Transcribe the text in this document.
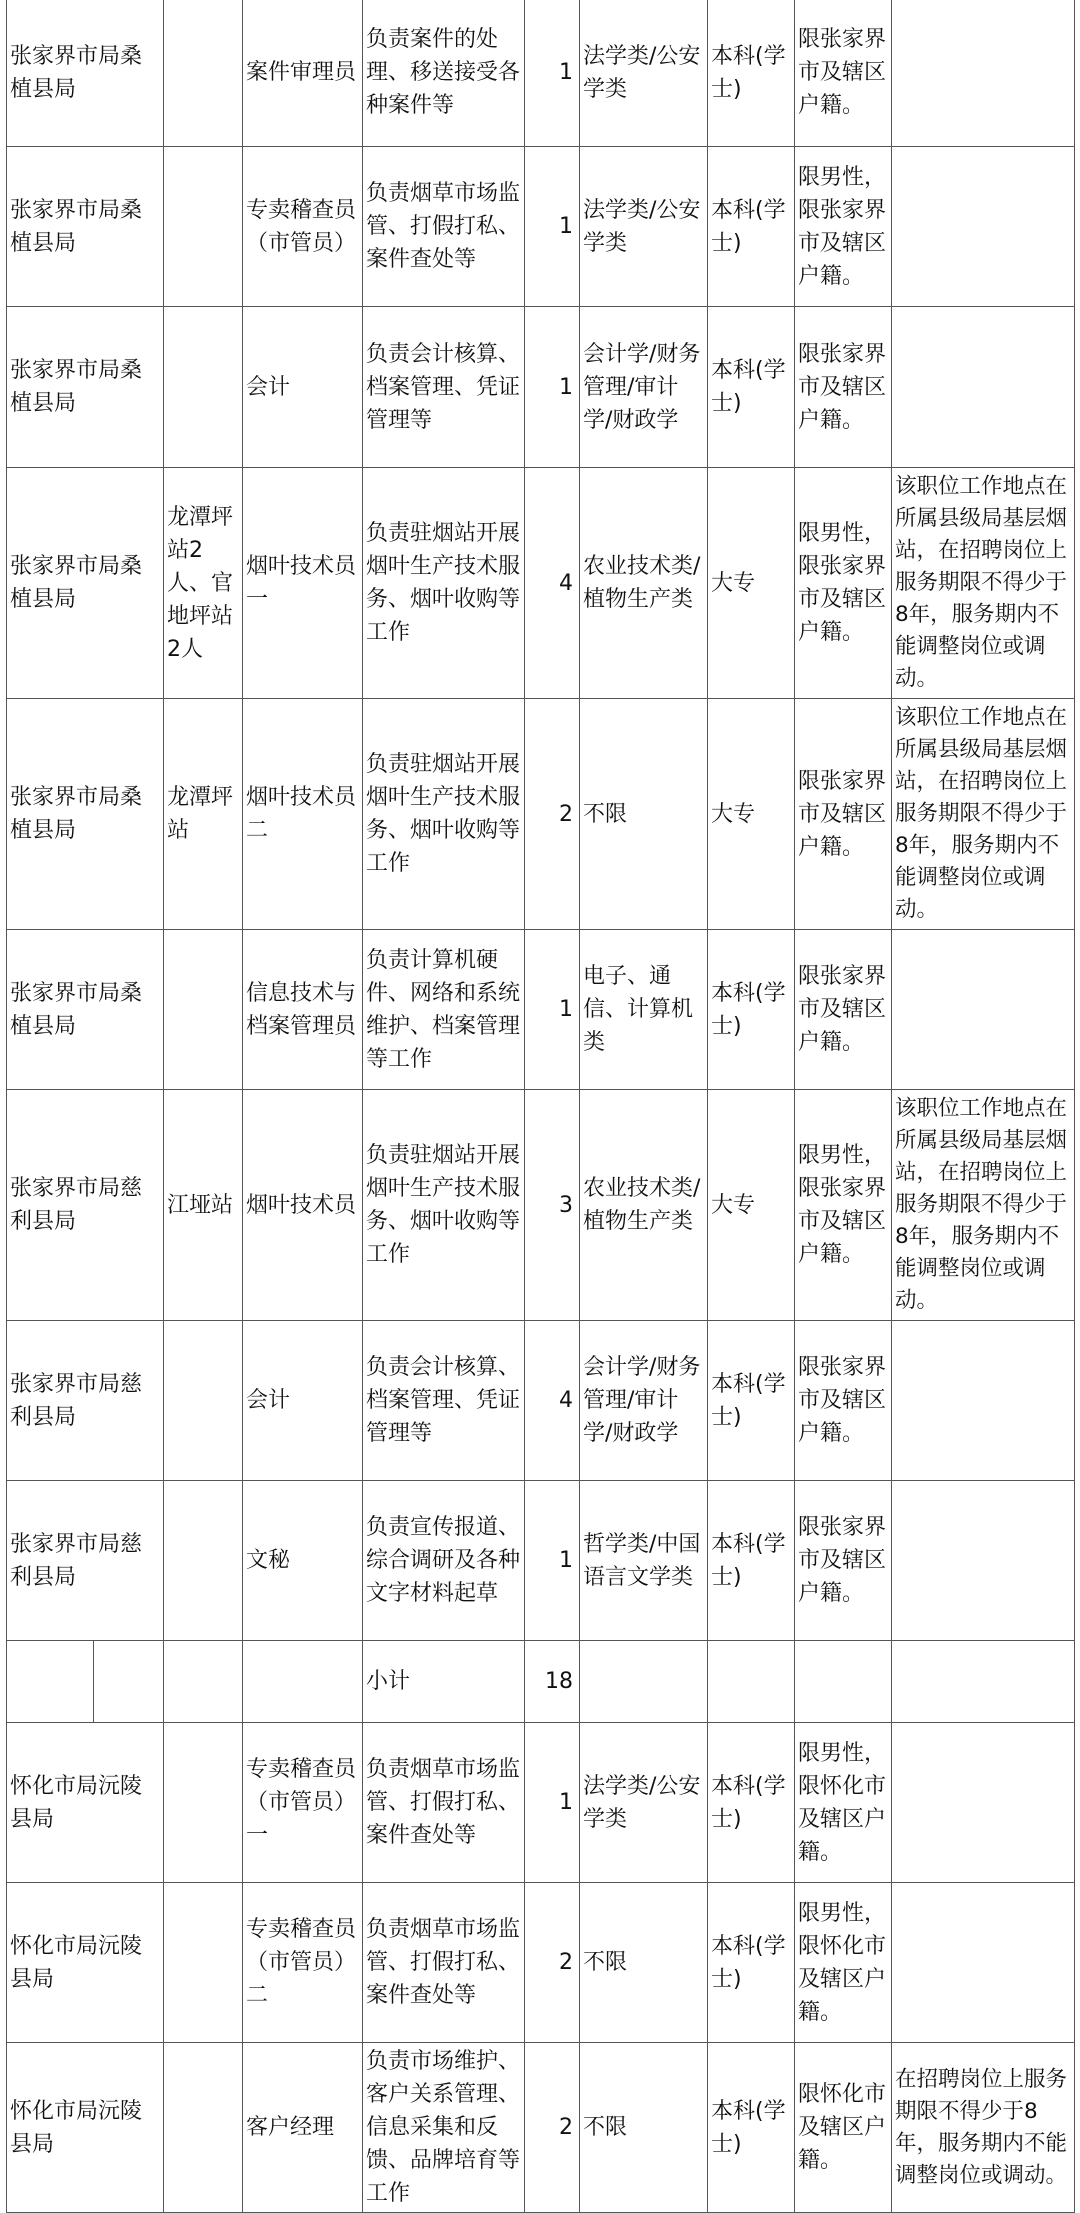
张家界市局桑植县局		案件审理员	负责案件的处理、移送接受各种案件等	1	法学类/公安学类	本科(学士)	限张家界市及辖区户籍。	
张家界市局桑植县局		专卖稽查员（市管员）	负责烟草市场监管、打假打私、案件查处等	1	法学类/公安学类	本科(学士)	限男性，限张家界市及辖区户籍。	
张家界市局桑植县局		会计	负责会计核算、档案管理、凭证管理等	1	会计学/财务管理/审计学/财政学	本科(学士)	限张家界市及辖区户籍。	
张家界市局桑植县局	龙潭坪站2人、官地坪站2人	烟叶技术员一	负责驻烟站开展烟叶生产技术服务、烟叶收购等工作	4	农业技术类/植物生产类	大专	限男性，限张家界市及辖区户籍。	该职位工作地点在所属县级局基层烟站，在招聘岗位上服务期限不得少于8年，服务期内不能调整岗位或调动。
张家界市局桑植县局	龙潭坪站	烟叶技术员二	负责驻烟站开展烟叶生产技术服务、烟叶收购等工作	2	不限	大专	限张家界市及辖区户籍。	该职位工作地点在所属县级局基层烟站，在招聘岗位上服务期限不得少于8年，服务期内不能调整岗位或调动。
张家界市局桑植县局		信息技术与档案管理员	负责计算机硬件、网络和系统维护、档案管理等工作	1	电子、通信、计算机类	本科(学士)	限张家界市及辖区户籍。	
张家界市局慈利县局	江垭站	烟叶技术员	负责驻烟站开展烟叶生产技术服务、烟叶收购等工作	3	农业技术类/植物生产类	大专	限男性，限张家界市及辖区户籍。	该职位工作地点在所属县级局基层烟站，在招聘岗位上服务期限不得少于8年，服务期内不能调整岗位或调动。
张家界市局慈利县局		会计	负责会计核算、档案管理、凭证管理等	4	会计学/财务管理/审计学/财政学	本科(学士)	限张家界市及辖区户籍。	
张家界市局慈利县局		文秘	负责宣传报道、综合调研及各种文字材料起草	1	哲学类/中国语言文学类	本科(学士)	限张家界市及辖区户籍。	

			小计	18				
怀化市局沅陵县局		专卖稽查员（市管员）一	负责烟草市场监管、打假打私、案件查处等	1	法学类/公安学类	本科(学士)	限男性，限怀化市及辖区户籍。	
怀化市局沅陵县局		专卖稽查员（市管员）二	负责烟草市场监管、打假打私、案件查处等	2	不限	本科(学士)	限男性，限怀化市及辖区户籍。	
怀化市局沅陵县局		客户经理	负责市场维护、客户关系管理、信息采集和反馈、品牌培育等工作	2	不限	本科(学士)	限怀化市及辖区户籍。	在招聘岗位上服务期限不得少于8年，服务期内不能调整岗位或调动。
